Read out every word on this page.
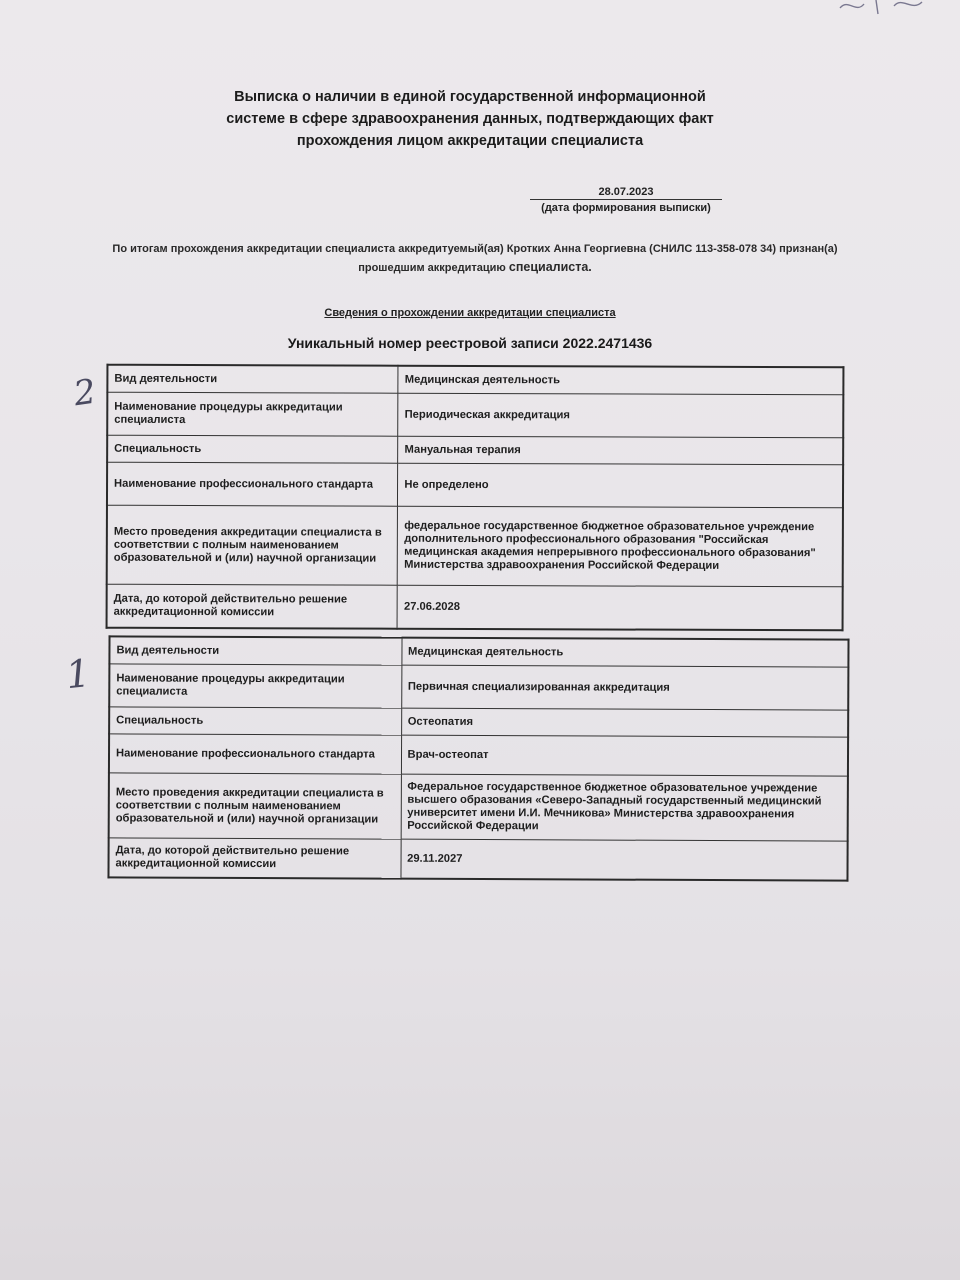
Выписка о наличии в единой государственной информационной
системе в сфере здравоохранения данных, подтверждающих факт
прохождения лицом аккредитации специалиста
28.07.2023
(дата формирования выписки)
По итогам прохождения аккредитации специалиста аккредитуемый(ая) Кротких Анна Георгиевна (СНИЛС 113-358-078 34) признан(а) прошедшим аккредитацию специалиста.
Сведения о прохождении аккредитации специалиста
Уникальный номер реестровой записи 2022.2471436
2 Вид деятельности	Медицинская деятельность
Наименование процедуры аккредитации специалиста	Периодическая аккредитация
Специальность	Мануальная терапия
Наименование профессионального стандарта	Не определено
Место проведения аккредитации специалиста в соответствии с полным наименованием образовательной и (или) научной организации	федеральное государственное бюджетное образовательное учреждение дополнительного профессионального образования "Российская медицинская академия непрерывного профессионального образования" Министерства здравоохранения Российской Федерации
Дата, до которой действительно решение аккредитационной комиссии	27.06.2028
1
Вид деятельности	Медицинская деятельность
Наименование процедуры аккредитации специалиста	Первичная специализированная аккредитация
Специальность	Остеопатия
Наименование профессионального стандарта	Врач-остеопат
Место проведения аккредитации специалиста в соответствии с полным наименованием образовательной и (или) научной организации	Федеральное государственное бюджетное образовательное учреждение высшего образования «Северо-Западный государственный медицинский университет имени И.И. Мечникова» Министерства здравоохранения Российской Федерации
Дата, до которой действительно решение аккредитационной комиссии	29.11.2027
